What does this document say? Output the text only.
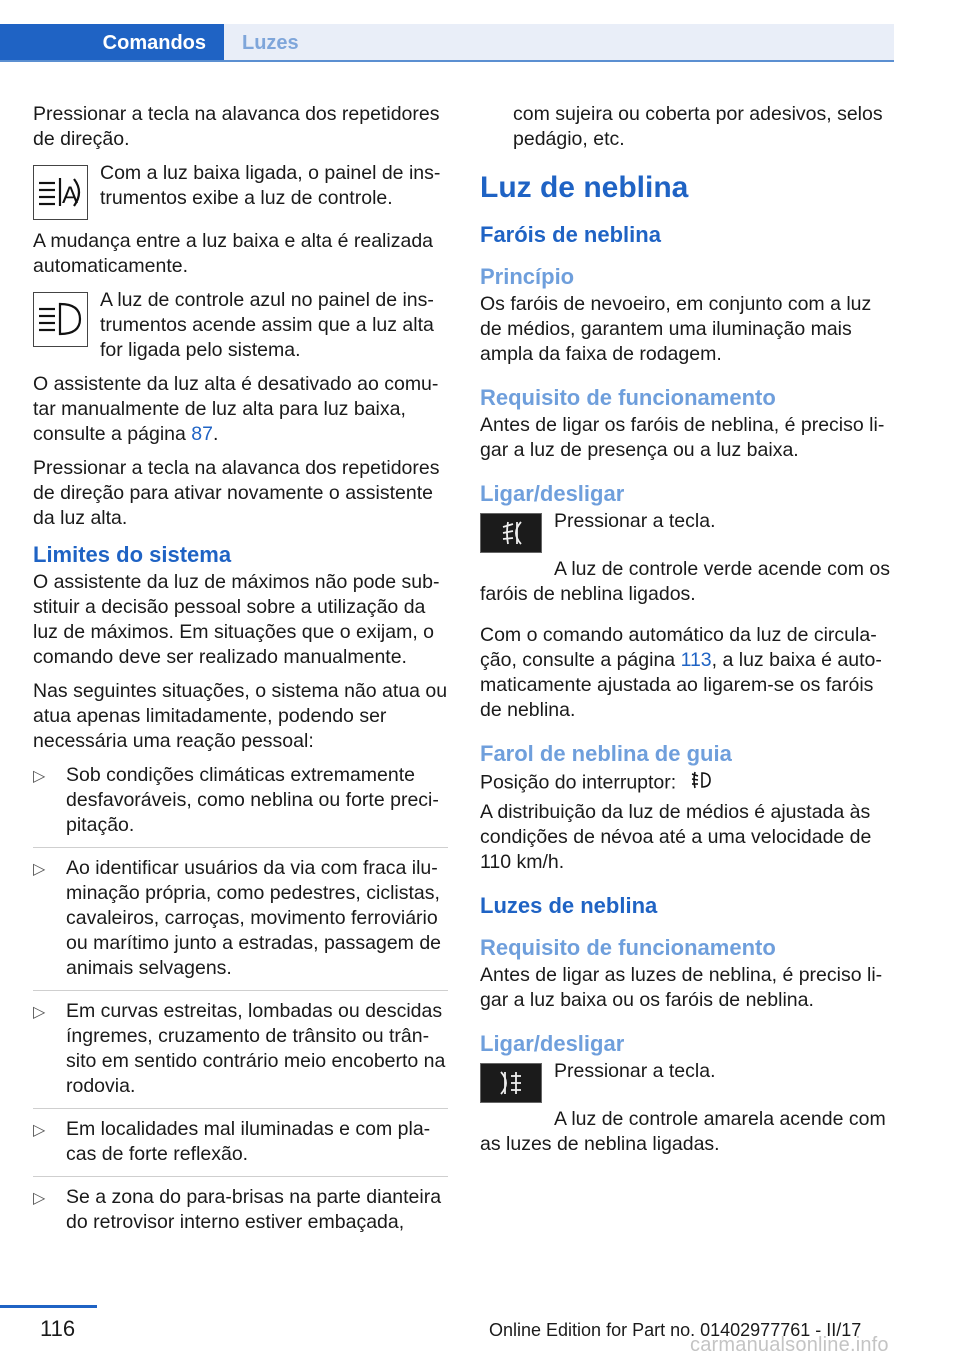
Comandos	Luzes

Pressionar a tecla na alavanca dos repetidores de direção.

A

Com a luz baixa ligada, o painel de instrumentos exibe a luz de controle.

A mudança entre a luz baixa e alta é realizada automaticamente.

A luz de controle azul no painel de instrumentos acende assim que a luz alta for ligada pelo sistema.

O assistente da luz alta é desativado ao comutar manualmente de luz alta para luz baixa, consulte a página 87.

Pressionar a tecla na alavanca dos repetidores de direção para ativar novamente o assistente da luz alta.

Limites do sistema

O assistente da luz de máximos não pode substituir a decisão pessoal sobre a utilização da luz de máximos. Em situações que o exijam, o comando deve ser realizado manualmente.

Nas seguintes situações, o sistema não atua ou atua apenas limitadamente, podendo ser necessária uma reação pessoal:

▷ Sob condições climáticas extremamente desfavoráveis, como neblina ou forte precipitação.
▷ Ao identificar usuários da via com fraca iluminação própria, como pedestres, ciclistas, cavaleiros, carroças, movimento ferroviário ou marítimo junto a estradas, passagem de animais selvagens.
▷ Em curvas estreitas, lombadas ou descidas íngremes, cruzamento de trânsito ou trânsito em sentido contrário meio encoberto na rodovia.
▷ Em localidades mal iluminadas e com placas de forte reflexão.
▷ Se a zona do para-brisas na parte dianteira do retrovisor interno estiver embaçada,

com sujeira ou coberta por adesivos, selos pedágio, etc.

Luz de neblina
Faróis de neblina
Princípio

Os faróis de nevoeiro, em conjunto com a luz de médios, garantem uma iluminação mais ampla da faixa de rodagem.

Requisito de funcionamento

Antes de ligar os faróis de neblina, é preciso ligar a luz de presença ou a luz baixa.

Ligar/desligar

Pressionar a tecla.

A luz de controle verde acende com os faróis de neblina ligados.

Com o comando automático da luz de circulação, consulte a página 113, a luz baixa é automaticamente ajustada ao ligarem-se os faróis de neblina.

Farol de neblina de guia

Posição do interruptor:

A distribuição da luz de médios é ajustada às condições de névoa até a uma velocidade de 110 km/h.

Luzes de neblina
Requisito de funcionamento

Antes de ligar as luzes de neblina, é preciso ligar a luz baixa ou os faróis de neblina.

Ligar/desligar

Pressionar a tecla.

A luz de controle amarela acende com as luzes de neblina ligadas.

116	Online Edition for Part no. 01402977761 - II/17
carmanualsonline.info
